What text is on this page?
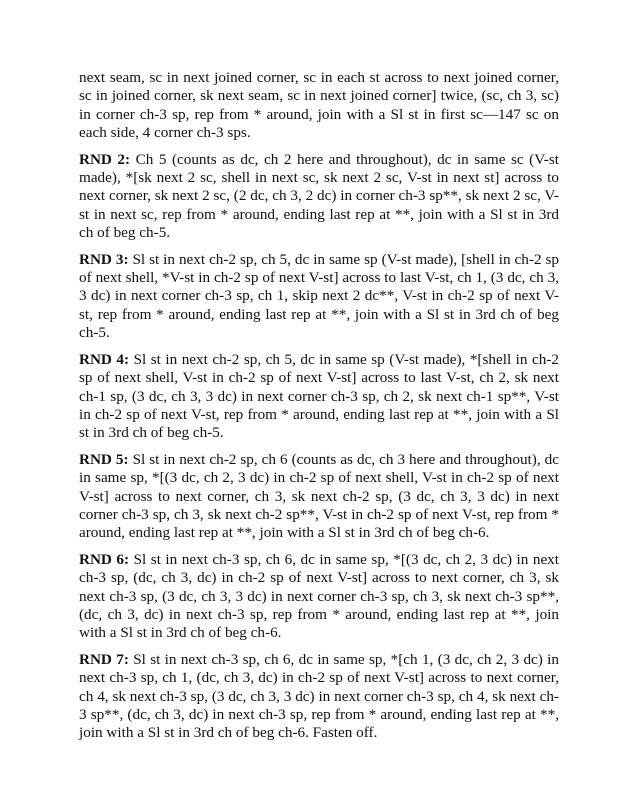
next seam, sc in next joined corner, sc in each st across to next joined corner, sc in joined corner, sk next seam, sc in next joined corner] twice, (sc, ch 3, sc) in corner ch-3 sp, rep from * around, join with a Sl st in first sc—147 sc on each side, 4 corner ch-3 sps.

RND 2: Ch 5 (counts as dc, ch 2 here and throughout), dc in same sc (V-st made), *[sk next 2 sc, shell in next sc, sk next 2 sc, V-st in next st] across to next corner, sk next 2 sc, (2 dc, ch 3, 2 dc) in corner ch-3 sp**, sk next 2 sc, V-st in next sc, rep from * around, ending last rep at **, join with a Sl st in 3rd ch of beg ch-5.

RND 3: Sl st in next ch-2 sp, ch 5, dc in same sp (V-st made), [shell in ch-2 sp of next shell, *V-st in ch-2 sp of next V-st] across to last V-st, ch 1, (3 dc, ch 3, 3 dc) in next corner ch-3 sp, ch 1, skip next 2 dc**, V-st in ch-2 sp of next V-st, rep from * around, ending last rep at **, join with a Sl st in 3rd ch of beg ch-5.

RND 4: Sl st in next ch-2 sp, ch 5, dc in same sp (V-st made), *[shell in ch-2 sp of next shell, V-st in ch-2 sp of next V-st] across to last V-st, ch 2, sk next ch-1 sp, (3 dc, ch 3, 3 dc) in next corner ch-3 sp, ch 2, sk next ch-1 sp**, V-st in ch-2 sp of next V-st, rep from * around, ending last rep at **, join with a Sl st in 3rd ch of beg ch-5.

RND 5: Sl st in next ch-2 sp, ch 6 (counts as dc, ch 3 here and throughout), dc in same sp, *[(3 dc, ch 2, 3 dc) in ch-2 sp of next shell, V-st in ch-2 sp of next V-st] across to next corner, ch 3, sk next ch-2 sp, (3 dc, ch 3, 3 dc) in next corner ch-3 sp, ch 3, sk next ch-2 sp**, V-st in ch-2 sp of next V-st, rep from * around, ending last rep at **, join with a Sl st in 3rd ch of beg ch-6.

RND 6: Sl st in next ch-3 sp, ch 6, dc in same sp, *[(3 dc, ch 2, 3 dc) in next ch-3 sp, (dc, ch 3, dc) in ch-2 sp of next V-st] across to next corner, ch 3, sk next ch-3 sp, (3 dc, ch 3, 3 dc) in next corner ch-3 sp, ch 3, sk next ch-3 sp**, (dc, ch 3, dc) in next ch-3 sp, rep from * around, ending last rep at **, join with a Sl st in 3rd ch of beg ch-6.

RND 7: Sl st in next ch-3 sp, ch 6, dc in same sp, *[ch 1, (3 dc, ch 2, 3 dc) in next ch-3 sp, ch 1, (dc, ch 3, dc) in ch-2 sp of next V-st] across to next corner, ch 4, sk next ch-3 sp, (3 dc, ch 3, 3 dc) in next corner ch-3 sp, ch 4, sk next ch-3 sp**, (dc, ch 3, dc) in next ch-3 sp, rep from * around, ending last rep at **, join with a Sl st in 3rd ch of beg ch-6. Fasten off.
